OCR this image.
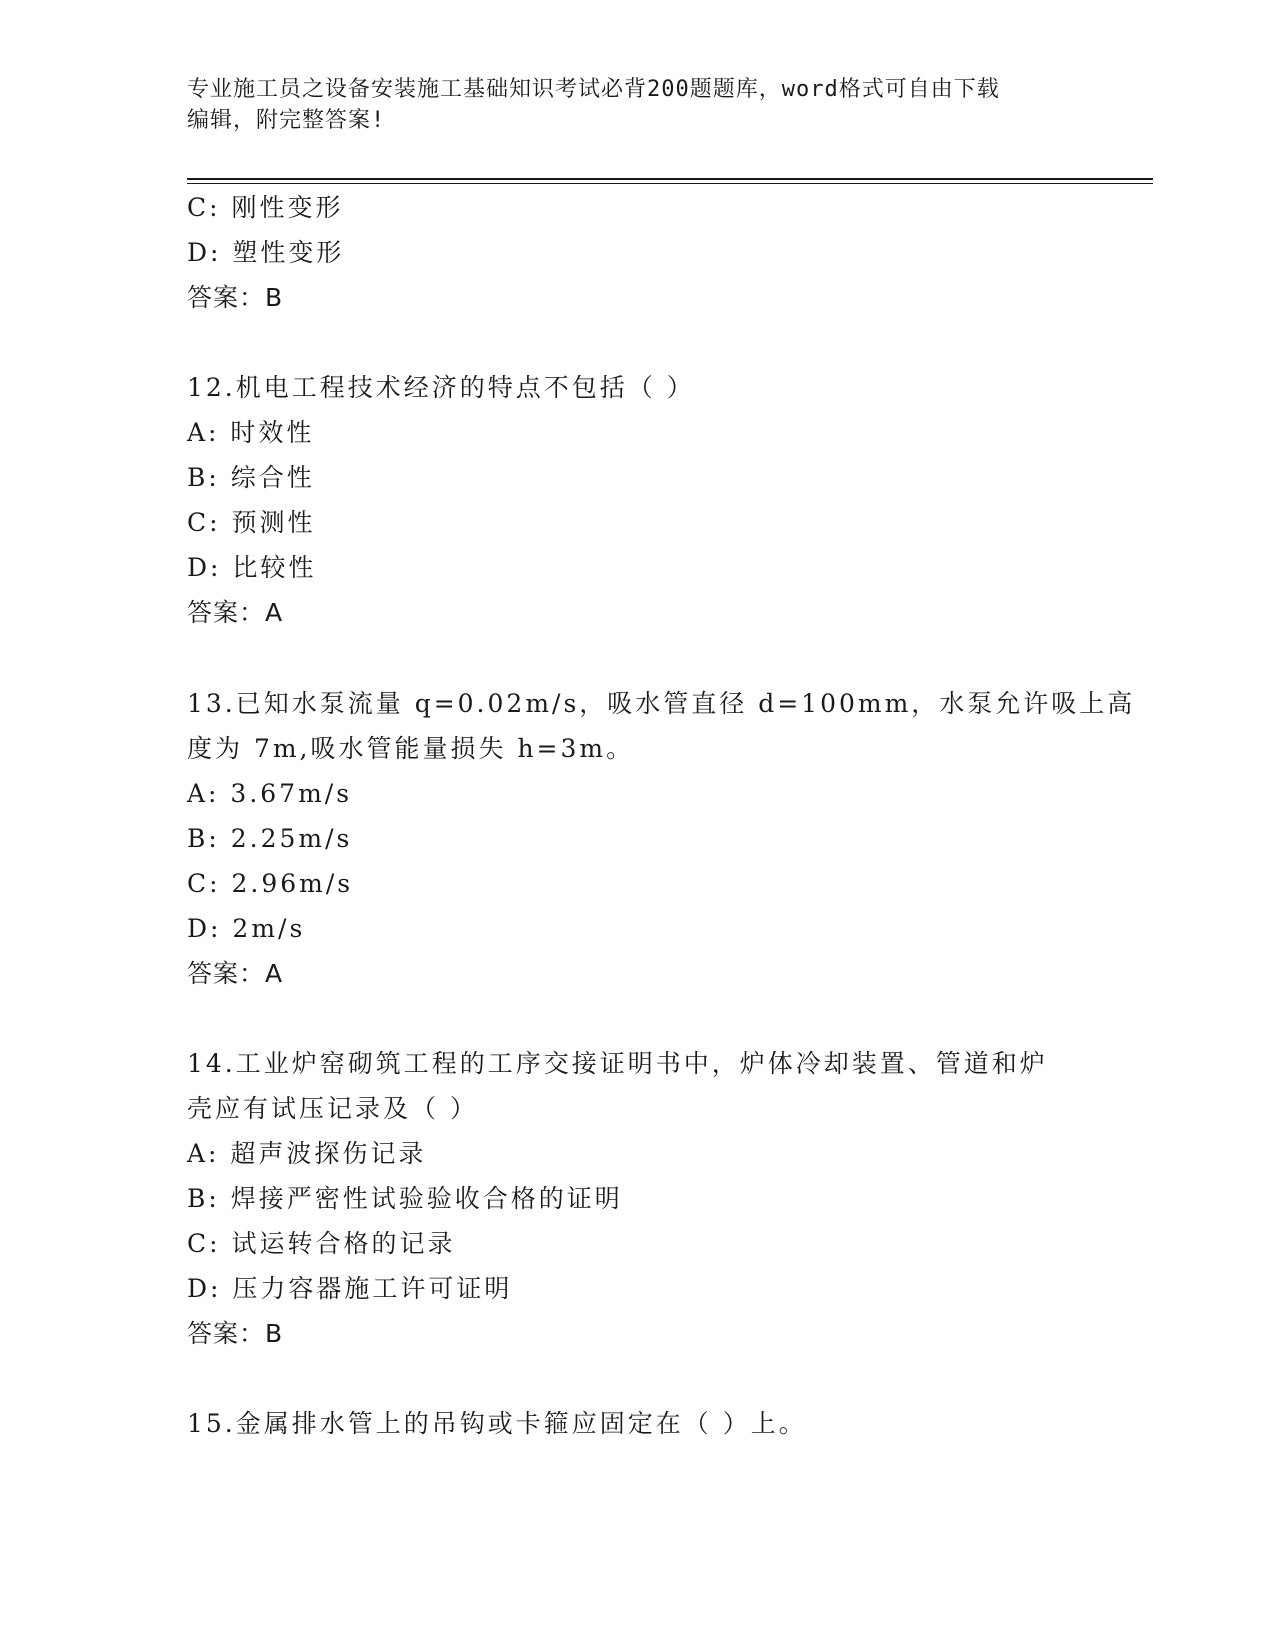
专业施工员之设备安装施工基础知识考试必背200题题库，word格式可自由下载
编辑，附完整答案!
C: 刚性变形
D: 塑性变形
答案：B
12.机电工程技术经济的特点不包括（ ）
A: 时效性
B: 综合性
C: 预测性
D: 比较性
答案：A
13.已知水泵流量 q=0.02m/s，吸水管直径 d=100mm，水泵允许吸上高
度为 7m,吸水管能量损失 h=3m。
A: 3.67m/s
B: 2.25m/s
C: 2.96m/s
D: 2m/s
答案：A
14.工业炉窑砌筑工程的工序交接证明书中，炉体冷却装置、管道和炉
壳应有试压记录及（ ）
A: 超声波探伤记录
B: 焊接严密性试验验收合格的证明
C: 试运转合格的记录
D: 压力容器施工许可证明
答案：B
15.金属排水管上的吊钩或卡箍应固定在（ ）上。
